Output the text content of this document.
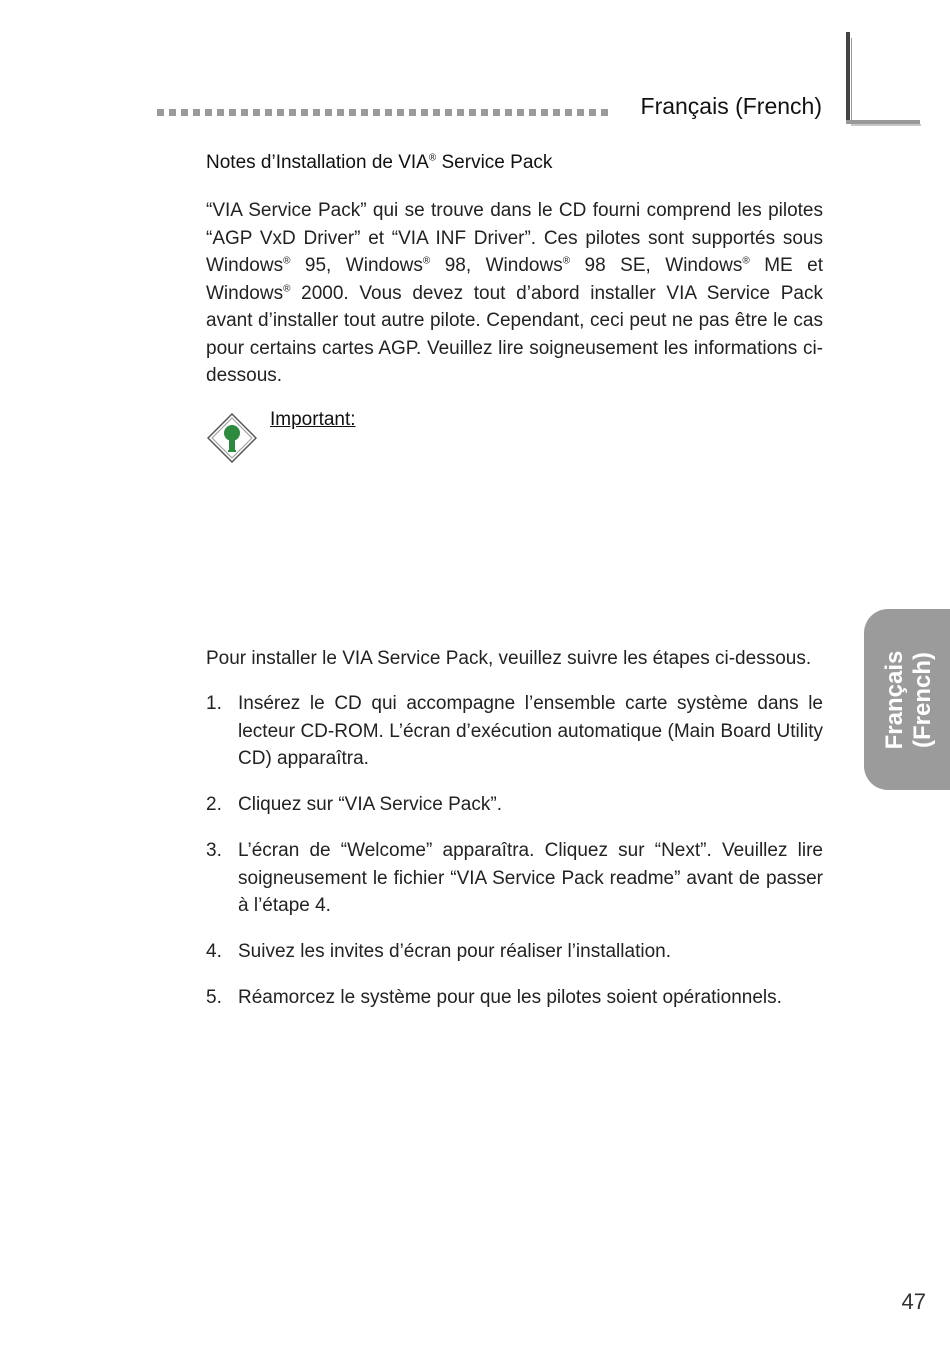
Français (French)
Notes d’Installation de VIA® Service Pack
“VIA Service Pack” qui se trouve dans le CD fourni comprend les pilotes “AGP VxD Driver” et “VIA INF Driver”. Ces pilotes sont supportés sous Windows® 95, Windows® 98, Windows® 98 SE, Windows® ME et Windows® 2000. Vous devez tout d’abord installer VIA Service Pack avant d’installer tout autre pilote. Cependant, ceci peut ne pas être le cas pour certains cartes AGP. Veuillez lire soigneusement les informations ci-dessous.
Important:
Pour installer le VIA Service Pack, veuillez suivre les étapes ci-dessous.
1. Insérez le CD qui accompagne l’ensemble carte système dans le lecteur CD-ROM. L’écran d’exécution automatique (Main Board Utility CD) apparaîtra.
2. Cliquez sur “VIA Service Pack”.
3. L’écran de “Welcome” apparaîtra. Cliquez sur “Next”. Veuillez lire soigneusement le fichier “VIA Service Pack readme” avant de passer à l’étape 4.
4. Suivez les invites d’écran pour réaliser l’installation.
5. Réamorcez le système pour que les pilotes soient opérationnels.
Français (French)
47
